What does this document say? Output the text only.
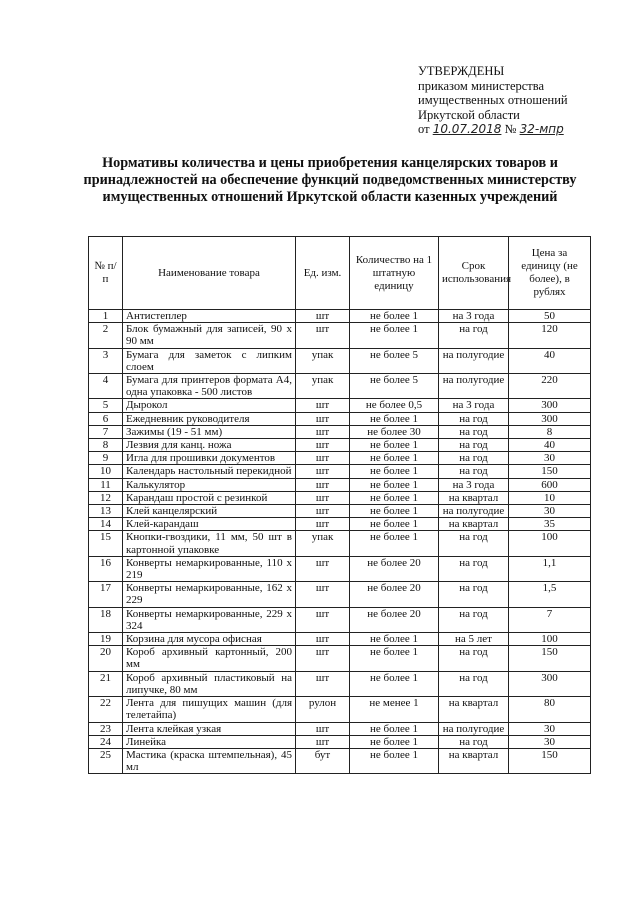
УТВЕРЖДЕНЫ
приказом министерства
имущественных отношений
Иркутской области
от 10.07.2018 № 32-мпр
Нормативы количества и цены приобретения канцелярских товаров и принадлежностей на обеспечение функций подведомственных министерству имущественных отношений Иркутской области казенных учреждений
№ п/п	Наименование товара	Ед. изм.	Количество на 1 штатную единицу	Срок использования	Цена за единицу (не более), в рублях
1	Антистеплер	шт	не более 1	на 3 года	50
2	Блок бумажный для записей, 90 х 90 мм	шт	не более 1	на год	120
3	Бумага для заметок с липким слоем	упак	не более 5	на полугодие	40
4	Бумага для принтеров формата А4, одна упаковка - 500 листов	упак	не более 5	на полугодие	220
5	Дырокол	шт	не более 0,5	на 3 года	300
6	Ежедневник руководителя	шт	не более 1	на год	300
7	Зажимы (19 - 51 мм)	шт	не более 30	на год	8
8	Лезвия для канц. ножа	шт	не более 1	на год	40
9	Игла для прошивки документов	шт	не более 1	на год	30
10	Календарь настольный перекидной	шт	не более 1	на год	150
11	Калькулятор	шт	не более 1	на 3 года	600
12	Карандаш простой с резинкой	шт	не более 1	на квартал	10
13	Клей канцелярский	шт	не более 1	на полугодие	30
14	Клей-карандаш	шт	не более 1	на квартал	35
15	Кнопки-гвоздики, 11 мм, 50 шт в картонной упаковке	упак	не более 1	на год	100
16	Конверты немаркированные, 110 х 219	шт	не более 20	на год	1,1
17	Конверты немаркированные, 162 х 229	шт	не более 20	на год	1,5
18	Конверты немаркированные, 229 х 324	шт	не более 20	на год	7
19	Корзина для мусора офисная	шт	не более 1	на 5 лет	100
20	Короб архивный картонный, 200 мм	шт	не более 1	на год	150
21	Короб архивный пластиковый на липучке, 80 мм	шт	не более 1	на год	300
22	Лента для пишущих машин (для телетайпа)	рулон	не менее 1	на квартал	80
23	Лента клейкая узкая	шт	не более 1	на полугодие	30
24	Линейка	шт	не более 1	на год	30
25	Мастика (краска штемпельная), 45 мл	бут	не более 1	на квартал	150
